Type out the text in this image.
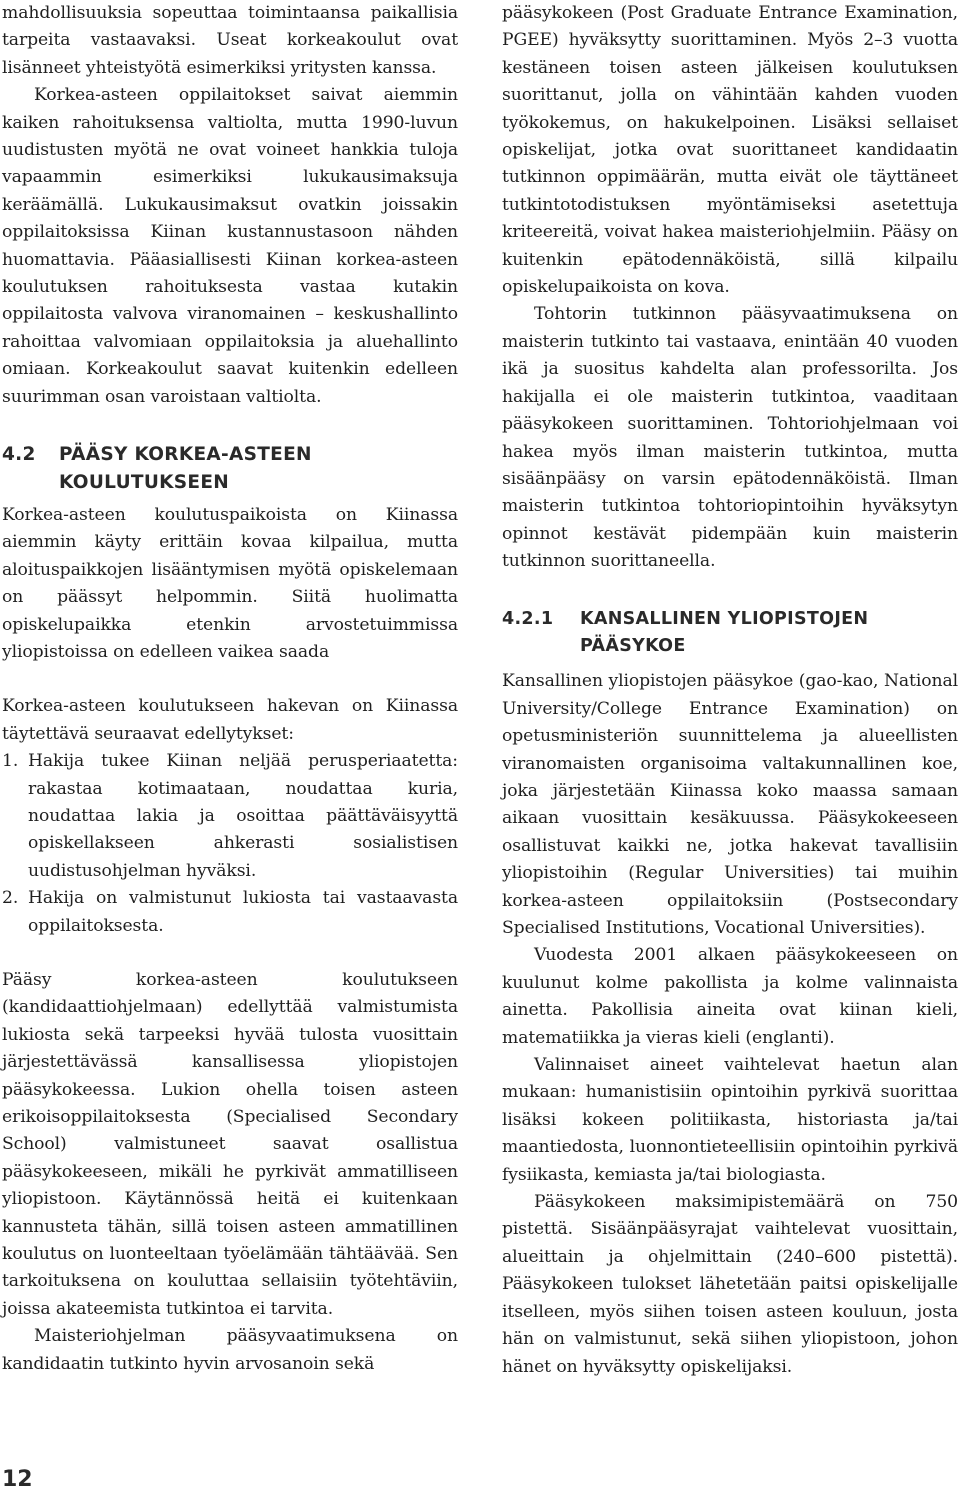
mahdollisuuksia sopeuttaa toimintaansa paikallisia tarpeita vastaavaksi. Useat korkeakoulut ovat lisänneet yhteistyötä esimerkiksi yritysten kanssa.

Korkea-asteen oppilaitokset saivat aiemmin kaiken rahoituksensa valtiolta, mutta 1990-luvun uudistusten myötä ne ovat voineet hankkia tuloja vapaammin esimerkiksi lukukausimaksuja keräämällä. Lukukausimaksut ovatkin joissakin oppilaitoksissa Kiinan kustannustasoon nähden huomattavia. Pääasiallisesti Kiinan korkea-asteen koulutuksen rahoituksesta vastaa kutakin oppilaitosta valvova viranomainen – keskushallinto rahoittaa valvomiaan oppilaitoksia ja aluehallinto omiaan. Korkeakoulut saavat kuitenkin edelleen suurimman osan varoistaan valtiolta.

4.2 PÄÄSY KORKEA-ASTEEN
KOULUTUKSEEN

Korkea-asteen koulutuspaikoista on Kiinassa aiemmin käyty erittäin kovaa kilpailua, mutta aloituspaikkojen lisääntymisen myötä opiskelemaan on päässyt helpommin. Siitä huolimatta opiskelupaikka etenkin arvostetuimmissa yliopistoissa on edelleen vaikea saada

Korkea-asteen koulutukseen hakevan on Kiinassa täytettävä seuraavat edellytykset:

1. Hakija tukee Kiinan neljää perusperiaatetta: rakastaa kotimaataan, noudattaa kuria, noudattaa lakia ja osoittaa päättäväisyyttä opiskellakseen ahkerasti sosialistisen uudistusohjelman hyväksi.
2. Hakija on valmistunut lukiosta tai vastaavasta oppilaitoksesta.

Pääsy korkea-asteen koulutukseen (kandidaattiohjelmaan) edellyttää valmistumista lukiosta sekä tarpeeksi hyvää tulosta vuosittain järjestettävässä kansallisessa yliopistojen pääsykokeessa. Lukion ohella toisen asteen erikoisoppilaitoksesta (Specialised Secondary School) valmistuneet saavat osallistua pääsykokeeseen, mikäli he pyrkivät ammatilliseen yliopistoon. Käytännössä heitä ei kuitenkaan kannusteta tähän, sillä toisen asteen ammatillinen koulutus on luonteeltaan työelämään tähtäävää. Sen tarkoituksena on kouluttaa sellaisiin työtehtäviin, joissa akateemista tutkintoa ei tarvita.

Maisteriohjelman pääsyvaatimuksena on kandidaatin tutkinto hyvin arvosanoin sekä

pääsykokeen (Post Graduate Entrance Examination, PGEE) hyväksytty suorittaminen. Myös 2–3 vuotta kestäneen toisen asteen jälkeisen koulutuksen suorittanut, jolla on vähintään kahden vuoden työkokemus, on hakukelpoinen. Lisäksi sellaiset opiskelijat, jotka ovat suorittaneet kandidaatin tutkinnon oppimäärän, mutta eivät ole täyttäneet tutkintotodistuksen myöntämiseksi asetettuja kriteereitä, voivat hakea maisteriohjelmiin. Pääsy on kuitenkin epätodennäköistä, sillä kilpailu opiskelupaikoista on kova.

Tohtorin tutkinnon pääsyvaatimuksena on maisterin tutkinto tai vastaava, enintään 40 vuoden ikä ja suositus kahdelta alan professorilta. Jos hakijalla ei ole maisterin tutkintoa, vaaditaan pääsykokeen suorittaminen. Tohtoriohjelmaan voi hakea myös ilman maisterin tutkintoa, mutta sisäänpääsy on varsin epätodennäköistä. Ilman maisterin tutkintoa tohtoriopintoihin hyväksytyn opinnot kestävät pidempään kuin maisterin tutkinnon suorittaneella.

4.2.1 KANSALLINEN YLIOPISTOJEN
PÄÄSYKOE

Kansallinen yliopistojen pääsykoe (gao-kao, National University/College Entrance Examination) on opetusministeriön suunnittelema ja alueellisten viranomaisten organisoima valtakunnallinen koe, joka järjestetään Kiinassa koko maassa samaan aikaan vuosittain kesäkuussa. Pääsykokeeseen osallistuvat kaikki ne, jotka hakevat tavallisiin yliopistoihin (Regular Universities) tai muihin korkea-asteen oppilaitoksiin (Postsecondary Specialised Institutions, Vocational Universities).

Vuodesta 2001 alkaen pääsykokeeseen on kuulunut kolme pakollista ja kolme valinnaista ainetta. Pakollisia aineita ovat kiinan kieli, matematiikka ja vieras kieli (englanti).

Valinnaiset aineet vaihtelevat haetun alan mukaan: humanistisiin opintoihin pyrkivä suorittaa lisäksi kokeen politiikasta, historiasta ja/tai maantiedosta, luonnontieteellisiin opintoihin pyrkivä fysiikasta, kemiasta ja/tai biologiasta.

Pääsykokeen maksimipistemäärä on 750 pistettä. Sisäänpääsyrajat vaihtelevat vuosittain, alueittain ja ohjelmittain (240–600 pistettä). Pääsykokeen tulokset lähetetään paitsi opiskelijalle itselleen, myös siihen toisen asteen kouluun, josta hän on valmistunut, sekä siihen yliopistoon, johon hänet on hyväksytty opiskelijaksi.

12
